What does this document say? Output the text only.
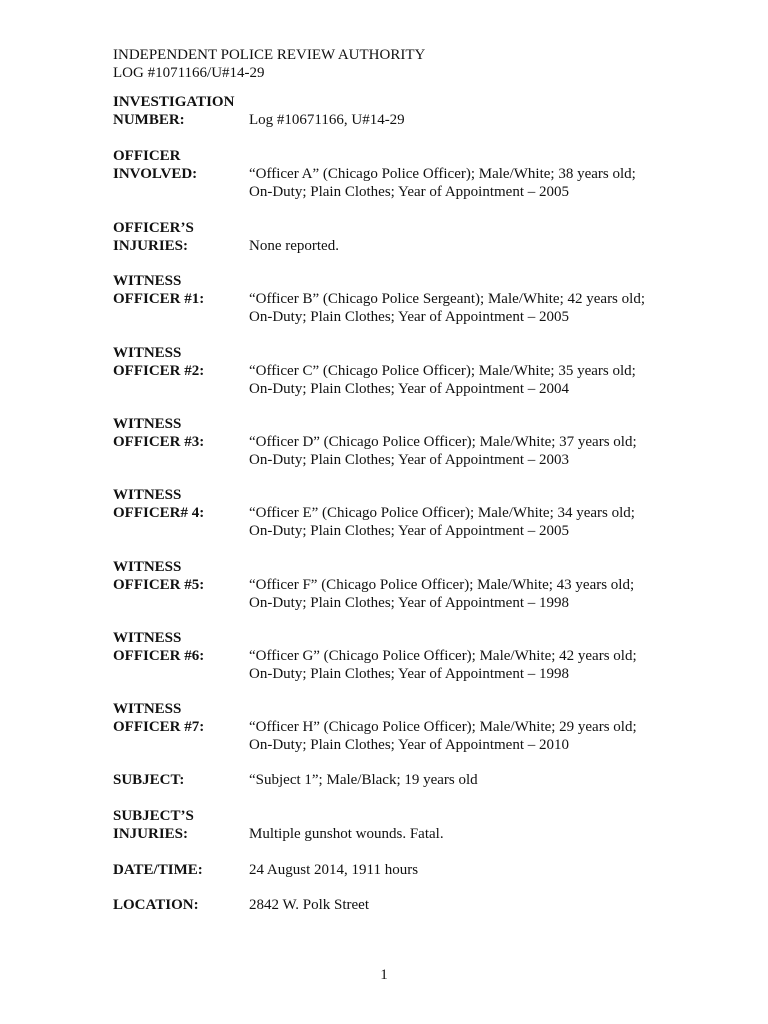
INDEPENDENT POLICE REVIEW AUTHORITY
LOG #1071166/U#14-29
INVESTIGATION
NUMBER:	Log #10671166, U#14-29
OFFICER
INVOLVED:	“Officer A” (Chicago Police Officer); Male/White; 38 years old;
On-Duty; Plain Clothes; Year of Appointment – 2005
OFFICER’S
INJURIES:	None reported.
WITNESS
OFFICER #1:	“Officer B” (Chicago Police Sergeant); Male/White; 42 years old;
On-Duty; Plain Clothes; Year of Appointment – 2005
WITNESS
OFFICER #2:	“Officer C” (Chicago Police Officer); Male/White; 35 years old;
On-Duty; Plain Clothes; Year of Appointment – 2004
WITNESS
OFFICER #3:	“Officer D” (Chicago Police Officer); Male/White; 37 years old;
On-Duty; Plain Clothes; Year of Appointment – 2003
WITNESS
OFFICER# 4:	“Officer E” (Chicago Police Officer); Male/White; 34 years old;
On-Duty; Plain Clothes; Year of Appointment – 2005
WITNESS
OFFICER #5:	“Officer F” (Chicago Police Officer); Male/White; 43 years old;
On-Duty; Plain Clothes; Year of Appointment – 1998
WITNESS
OFFICER #6:	“Officer G” (Chicago Police Officer); Male/White; 42 years old;
On-Duty; Plain Clothes; Year of Appointment – 1998
WITNESS
OFFICER #7:	“Officer H” (Chicago Police Officer); Male/White; 29 years old;
On-Duty; Plain Clothes; Year of Appointment – 2010
SUBJECT:	“Subject 1”; Male/Black; 19 years old
SUBJECT’S
INJURIES:	Multiple gunshot wounds. Fatal.
DATE/TIME:	24 August 2014, 1911 hours
LOCATION:	2842 W. Polk Street
1
